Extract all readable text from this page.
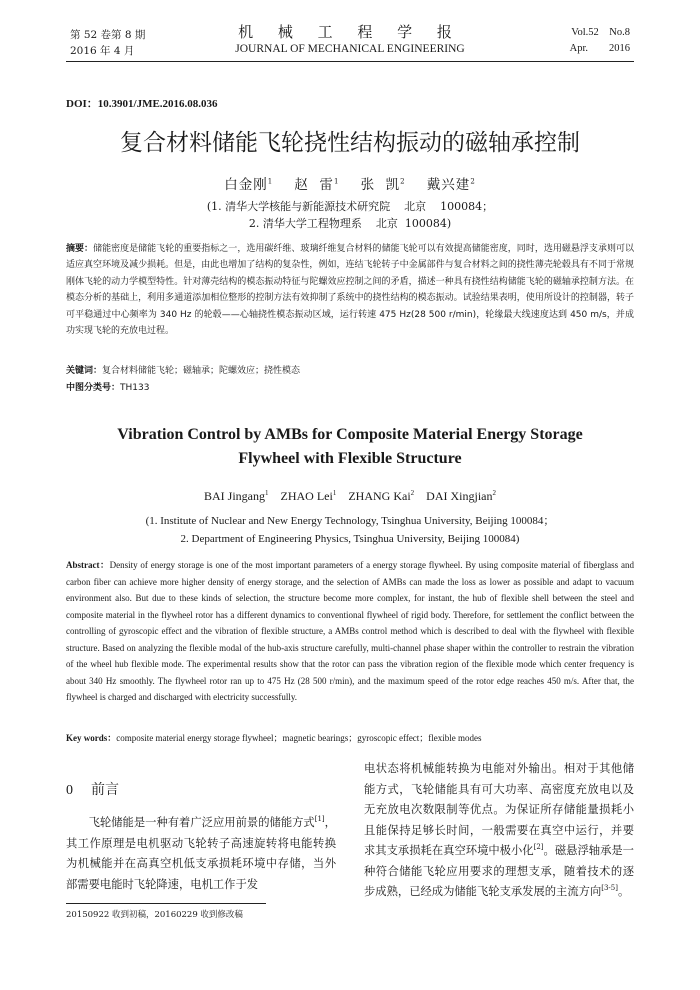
第 52 卷第 8 期
2016 年 4 月
机 械 工 程 学 报
JOURNAL OF MECHANICAL ENGINEERING
Vol.52    No.8
Apr.        2016
DOI：10.3901/JME.2016.08.036
复合材料储能飞轮挠性结构振动的磁轴承控制
白金刚$^1$ 赵  雷$^1$ 张  凯$^2$ 戴兴建$^2$
(1. 清华大学核能与新能源技术研究院    北京    100084；
2. 清华大学工程物理系    北京  100084)
摘要：储能密度是储能飞轮的重要指标之一，选用碳纤维、玻璃纤维复合材料的储能飞轮可以有效提高储能密度，同时，选用磁悬浮支承则可以适应真空环境及减少损耗。但是，由此也增加了结构的复杂性，例如，连结飞轮转子中金属部件与复合材料之间的挠性薄壳轮毂具有不同于常规刚体飞轮的动力学模型特性。针对薄壳结构的模态振动特征与陀螺效应控制之间的矛盾，描述一种具有挠性结构储能飞轮的磁轴承控制方法。在模态分析的基础上，利用多通道添加相位整形的控制方法有效抑制了系统中的挠性结构的模态振动。试验结果表明，使用所设计的控制器，转子可平稳通过中心频率为 340 Hz 的轮毂——心轴挠性模态振动区域，运行转速 475 Hz(28 500 r/min)，轮缘最大线速度达到 450 m/s，并成功实现飞轮的充放电过程。
关键词：复合材料储能飞轮；磁轴承；陀螺效应；挠性模态
中图分类号：TH133
Vibration Control by AMBs for Composite Material Energy Storage
Flywheel with Flexible Structure
BAI Jingang$^1$ ZHAO Lei$^1$ ZHANG Kai$^2$ DAI Xingjian$^2$
(1. Institute of Nuclear and New Energy Technology, Tsinghua University, Beijing 100084；
2. Department of Engineering Physics, Tsinghua University, Beijing 100084)
Abstract：Density of energy storage is one of the most important parameters of a energy storage flywheel. By using composite material of fiberglass and carbon fiber can achieve more higher density of energy storage, and the selection of AMBs can made the loss as lower as possible and adapt to vacuum environment also. But due to these kinds of selection, the structure become more complex, for instant, the hub of flexible shell between the steel and composite material in the flywheel rotor has a different dynamics to conventional flywheel of rigid body. Therefore, for settlement the conflict between the controlling of gyroscopic effect and the vibration of flexible structure, a AMBs control method which is described to deal with the flywheel with flexible structure. Based on analyzing the flexible modal of the hub-axis structure carefully, multi-channel phase shaper within the controller to restrain the vibration of the wheel hub flexible mode. The experimental results show that the rotor can pass the vibration region of the flexible mode which center frequency is about 340 Hz smoothly. The flywheel rotor ran up to 475 Hz (28 500 r/min), and the maximum speed of the rotor edge reaches 450 m/s. After that, the flywheel is charged and discharged with electricity successfully.
Key words：composite material energy storage flywheel；magnetic bearings；gyroscopic effect；flexible modes
0 前言
飞轮储能是一种有着广泛应用前景的储能方式[1]，其工作原理是电机驱动飞轮转子高速旋转将电能转换为机械能并在高真空机低支承损耗环境中存储，当外部需要电能时飞轮降速，电机工作于发
20150922 收到初稿，20160229 收到修改稿
电状态将机械能转换为电能对外输出。相对于其他储能方式，飞轮储能具有可大功率、高密度充放电以及无充放电次数限制等优点。为保证所存储能量损耗小且能保持足够长时间，一般需要在真空中运行，并要求其支承损耗在真空环境中极小化[2]。磁悬浮轴承是一种符合储能飞轮应用要求的理想支承，随着技术的逐步成熟，已经成为储能飞轮支承发展的主流方向[3-5]。
